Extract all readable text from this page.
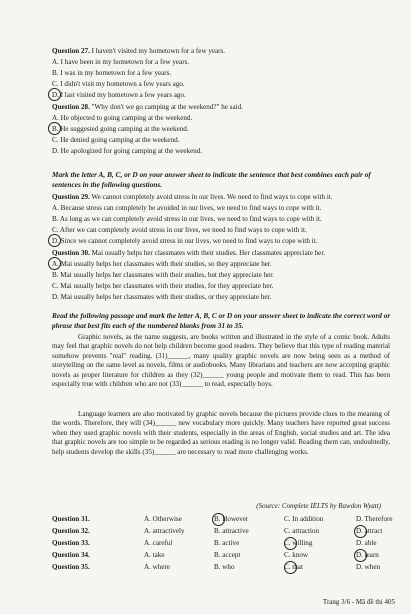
Question 27. I haven't visited my hometown for a few years.
A. I have been in my hometown for a few years.
B. I was in my hometown for a few years.
C. I didn't visit my hometown a few years ago.
D. I last visited my hometown a few years ago.
Question 28. "Why don't we go camping at the weekend?" he said.
A. He objected to going camping at the weekend.
B. He suggested going camping at the weekend.
C. He denied going camping at the weekend.
D. He apologized for going camping at the weekend.
Mark the letter A, B, C, or D on your answer sheet to indicate the sentence that best combines each pair of sentences in the following questions.
Question 29. We cannot completely avoid stress in our lives. We need to find ways to cope with it.
A. Because stress can completely be avoided in our lives, we need to find ways to cope with it.
B. As long as we can completely avoid stress in our lives, we need to find ways to cope with it.
C. After we can completely avoid stress in our lives, we need to find ways to cope with it.
D. Since we cannot completely avoid stress in our lives, we need to find ways to cope with it.
Question 30. Mai usually helps her classmates with their studies. Her classmates appreciate her.
A. Mai usually helps her classmates with their studies, so they appreciate her.
B. Mai usually helps her classmates with their studies, but they appreciate her.
C. Mai usually helps her classmates with their studies, for they appreciate her.
D. Mai usually helps her classmates with their studies, or they appreciate her.
Read the following passage and mark the letter A, B, C or D on your answer sheet to indicate the correct word or phrase that best fits each of the numbered blanks from 31 to 35.
Graphic novels, as the name suggests, are books written and illustrated in the style of a comic book. Adults may feel that graphic novels do not help children become good readers. They believe that this type of reading material somehow prevents "real" reading. (31)______, many quality graphic novels are now being seen as a method of storytelling on the same level as novels, films or audiobooks. Many librarians and teachers are now accepting graphic novels as proper literature for children as they (32)______ young people and motivate them to read. This has been especially true with children who are not (33)______ to read, especially boys.
Language learners are also motivated by graphic novels because the pictures provide clues to the meaning of the words. Therefore, they will (34)______ new vocabulary more quickly. Many teachers have reported great success when they used graphic novels with their students, especially in the areas of English, social studies and art. The idea that graphic novels are too simple to be regarded as serious reading is no longer valid. Reading them can, undoubtedly, help students develop the skills (35)______ are necessary to read more challenging works.
(Source: Complete IELTS by Rawdon Wyatt)
Question 31.	A. Otherwise	B. However	C. In addition	D. Therefore
Question 32.	A. attractively	B. attractive	C. attraction	D. attract
Question 33.	A. careful	B. active	C. willing	D. able
Question 34.	A. take	B. accept	C. know	D. learn
Question 35.	A. where	B. who	C. that	D. when
Trang 3/6 - Mã đề thi 405
